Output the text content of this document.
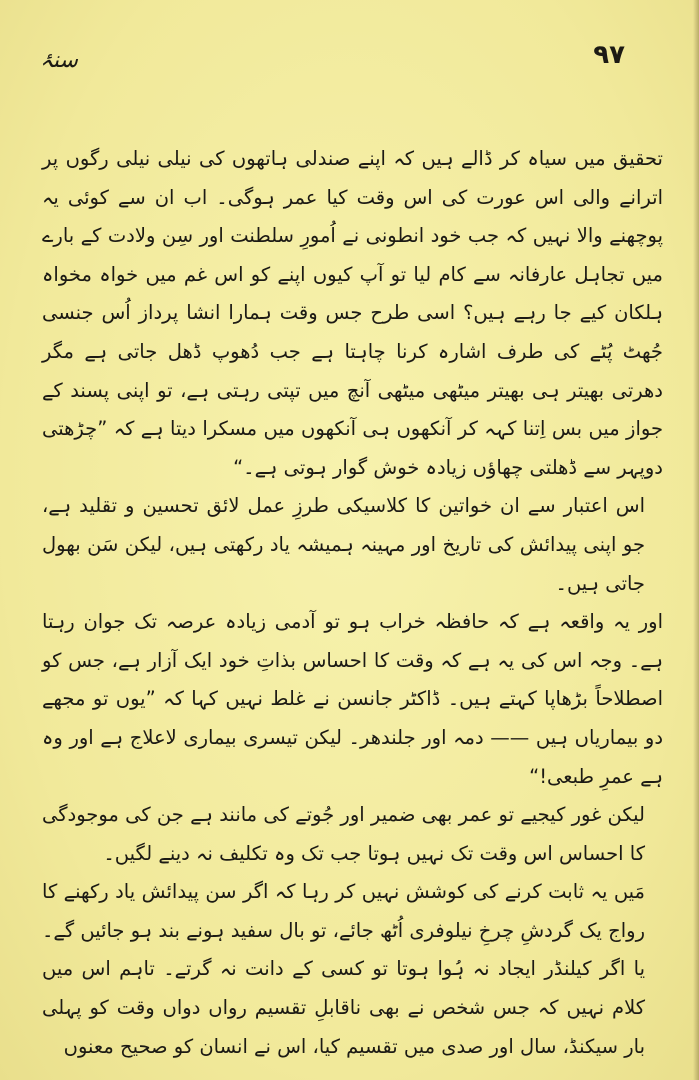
سنۂ	۹۷

تحقیق میں سیاہ کر ڈالے ہیں کہ اپنے صندلی ہاتھوں کی نیلی نیلی رگوں پر اترانے والی اس عورت کی اس وقت کیا عمر ہوگی۔ اب ان سے کوئی یہ پوچھنے والا نہیں کہ جب خود انطونی نے اُمورِ سلطنت اور سِن ولادت کے بارے میں تجاہل عارفانہ سے کام لیا تو آپ کیوں اپنے کو اس غم میں خواہ مخواہ ہلکان کیے جا رہے ہیں؟ اسی طرح جس وقت ہمارا انشا پرداز اُس جنسی جُھٹ پُٹے کی طرف اشارہ کرنا چاہتا ہے جب دُھوپ ڈھل جاتی ہے مگر دھرتی بھیتر ہی بھیتر میٹھی میٹھی آنچ میں تپتی رہتی ہے، تو اپنی پسند کے جواز میں بس اِتنا کہہ کر آنکھوں ہی آنکھوں میں مسکرا دیتا ہے کہ ”چڑھتی دوپہر سے ڈھلتی چھاؤں زیادہ خوش گوار ہوتی ہے۔“

اس اعتبار سے ان خواتین کا کلاسیکی طرزِ عمل لائق تحسین و تقلید ہے، جو اپنی پیدائش کی تاریخ اور مہینہ ہمیشہ یاد رکھتی ہیں، لیکن سَن بھول جاتی ہیں۔

اور یہ واقعہ ہے کہ حافظہ خراب ہو تو آدمی زیادہ عرصہ تک جوان رہتا ہے۔ وجہ اس کی یہ ہے کہ وقت کا احساس بذاتِ خود ایک آزار ہے، جس کو اصطلاحاً بڑھاپا کہتے ہیں۔ ڈاکٹر جانسن نے غلط نہیں کہا کہ ”یوں تو مجھے دو بیماریاں ہیں —— دمہ اور جلندھر۔ لیکن تیسری بیماری لاعلاج ہے اور وہ ہے عمرِ طبعی!“

لیکن غور کیجیے تو عمر بھی ضمیر اور جُوتے کی مانند ہے جن کی موجودگی کا احساس اس وقت تک نہیں ہوتا جب تک وہ تکلیف نہ دینے لگیں۔

مَیں یہ ثابت کرنے کی کوشش نہیں کر رہا کہ اگر سن پیدائش یاد رکھنے کا رواج یک گردشِ چرخِ نیلوفری اُٹھ جائے، تو بال سفید ہونے بند ہو جائیں گے۔ یا اگر کیلنڈر ایجاد نہ ہُوا ہوتا تو کسی کے دانت نہ گرتے۔ تاہم اس میں کلام نہیں کہ جس شخص نے بھی ناقابلِ تقسیم رواں دواں وقت کو پہلی بار سیکنڈ، سال اور صدی میں تقسیم کیا، اس نے انسان کو صحیح معنوں
